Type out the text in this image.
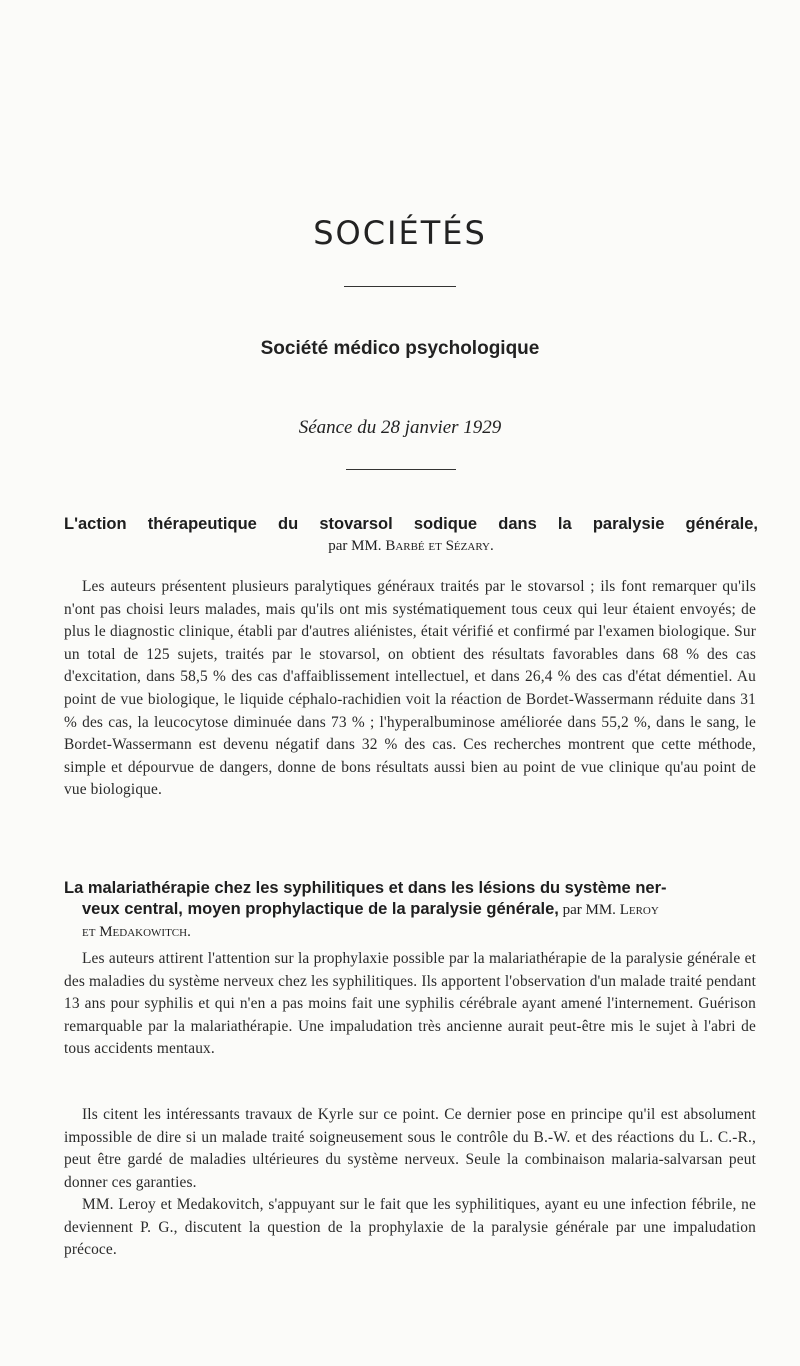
SOCIÉTÉS
Société médico psychologique
Séance du 28 janvier 1929
L'action thérapeutique du stovarsol sodique dans la paralysie générale,
par MM. Barbé et Sézary.
Les auteurs présentent plusieurs paralytiques généraux traités par le stovarsol ; ils font remarquer qu'ils n'ont pas choisi leurs malades, mais qu'ils ont mis systématiquement tous ceux qui leur étaient envoyés; de plus le diagnostic clinique, établi par d'autres aliénistes, était vérifié et confirmé par l'examen biologique. Sur un total de 125 sujets, traités par le stovarsol, on obtient des résultats favorables dans 68 % des cas d'excitation, dans 58,5 % des cas d'affaiblissement intellectuel, et dans 26,4 % des cas d'état démentiel. Au point de vue biologique, le liquide céphalo-rachidien voit la réaction de Bordet-Wassermann réduite dans 31 % des cas, la leucocytose diminuée dans 73 % ; l'hyperalbuminose améliorée dans 55,2 %, dans le sang, le Bordet-Wassermann est devenu négatif dans 32 % des cas. Ces recherches montrent que cette méthode, simple et dépourvue de dangers, donne de bons résultats aussi bien au point de vue clinique qu'au point de vue biologique.
La malariathérapie chez les syphilitiques et dans les lésions du système ner-
veux central, moyen prophylactique de la paralysie générale, par MM. Leroy
et Medakowitch.
Les auteurs attirent l'attention sur la prophylaxie possible par la malariathérapie de la paralysie générale et des maladies du système nerveux chez les syphilitiques. Ils apportent l'observation d'un malade traité pendant 13 ans pour syphilis et qui n'en a pas moins fait une syphilis cérébrale ayant amené l'internement. Guérison remarquable par la malariathérapie. Une impaludation très ancienne aurait peut-être mis le sujet à l'abri de tous accidents mentaux.
Ils citent les intéressants travaux de Kyrle sur ce point. Ce dernier pose en principe qu'il est absolument impossible de dire si un malade traité soigneusement sous le contrôle du B.-W. et des réactions du L. C.-R., peut être gardé de maladies ultérieures du système nerveux. Seule la combinaison malaria-salvarsan peut donner ces garanties.
MM. Leroy et Medakovitch, s'appuyant sur le fait que les syphilitiques, ayant eu une infection fébrile, ne deviennent P. G., discutent la question de la prophylaxie de la paralysie générale par une impaludation précoce.
